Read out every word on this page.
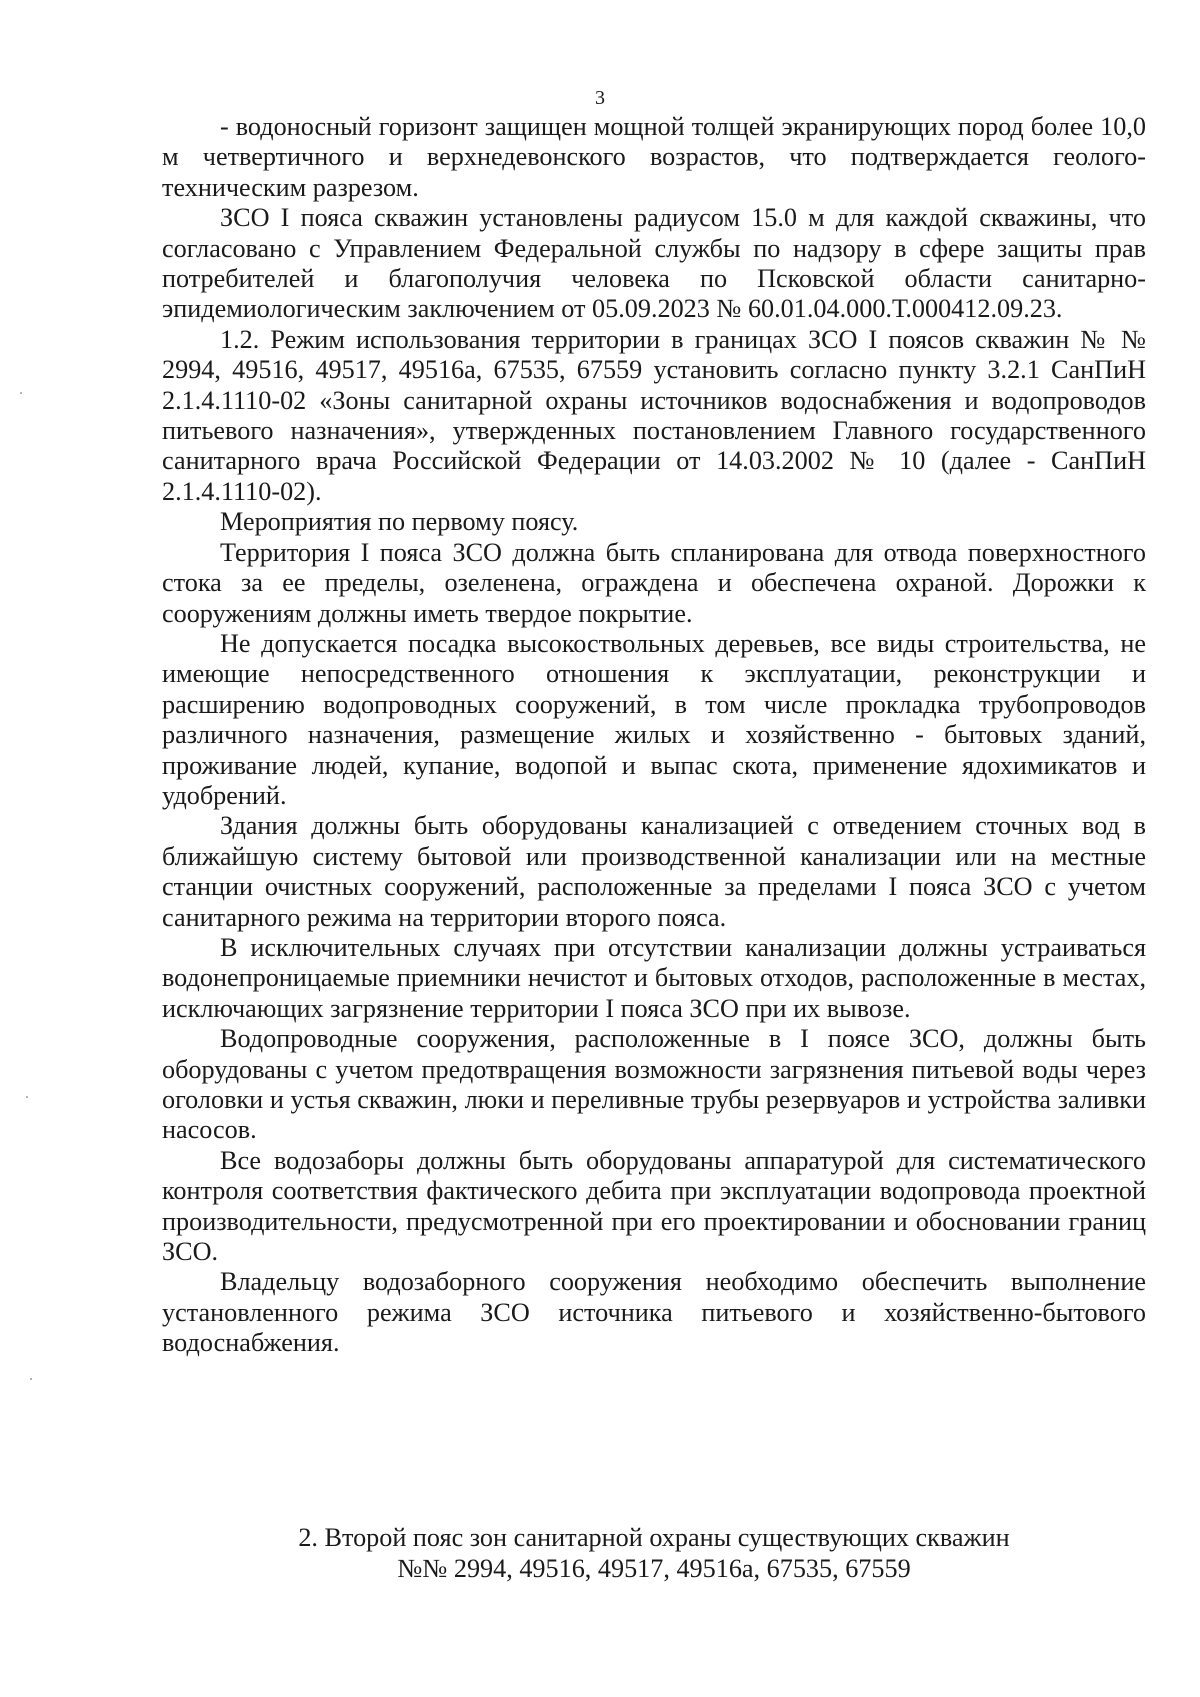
3

- водоносный горизонт защищен мощной толщей экранирующих пород более 10,0 м четвертичного и верхнедевонского возрастов, что подтверждается геолого-техническим разрезом.

ЗСО I пояса скважин установлены радиусом 15.0 м для каждой скважины, что согласовано с Управлением Федеральной службы по надзору в сфере защиты прав потребителей и благополучия человека по Псковской области санитарно-эпидемиологическим заключением от 05.09.2023 № 60.01.04.000.Т.000412.09.23.

1.2. Режим использования территории в границах ЗСО I поясов скважин № № 2994, 49516, 49517, 49516а, 67535, 67559 установить согласно пункту 3.2.1 СанПиН 2.1.4.1110-02 «Зоны санитарной охраны источников водоснабжения и водопроводов питьевого назначения», утвержденных постановлением Главного государственного санитарного врача Российской Федерации от 14.03.2002 № 10 (далее - СанПиН 2.1.4.1110-02).

Мероприятия по первому поясу.

Территория I пояса ЗСО должна быть спланирована для отвода поверхностного стока за ее пределы, озеленена, ограждена и обеспечена охраной. Дорожки к сооружениям должны иметь твердое покрытие.

Не допускается посадка высокоствольных деревьев, все виды строительства, не имеющие непосредственного отношения к эксплуатации, реконструкции и расширению водопроводных сооружений, в том числе прокладка трубопроводов различного назначения, размещение жилых и хозяйственно - бытовых зданий, проживание людей, купание, водопой и выпас скота, применение ядохимикатов и удобрений.

Здания должны быть оборудованы канализацией с отведением сточных вод в ближайшую систему бытовой или производственной канализации или на местные станции очистных сооружений, расположенные за пределами I пояса ЗСО с учетом санитарного режима на территории второго пояса.

В исключительных случаях при отсутствии канализации должны устраиваться водонепроницаемые приемники нечистот и бытовых отходов, расположенные в местах, исключающих загрязнение территории I пояса ЗСО при их вывозе.

Водопроводные сооружения, расположенные в I поясе ЗСО, должны быть оборудованы с учетом предотвращения возможности загрязнения питьевой воды через оголовки и устья скважин, люки и переливные трубы резервуаров и устройства заливки насосов.

Все водозаборы должны быть оборудованы аппаратурой для систематического контроля соответствия фактического дебита при эксплуатации водопровода проектной производительности, предусмотренной при его проектировании и обосновании границ ЗСО.

Владельцу водозаборного сооружения необходимо обеспечить выполнение установленного режима ЗСО источника питьевого и хозяйственно-бытового водоснабжения.

2. Второй пояс зон санитарной охраны существующих скважин
№№ 2994, 49516, 49517, 49516а, 67535, 67559
